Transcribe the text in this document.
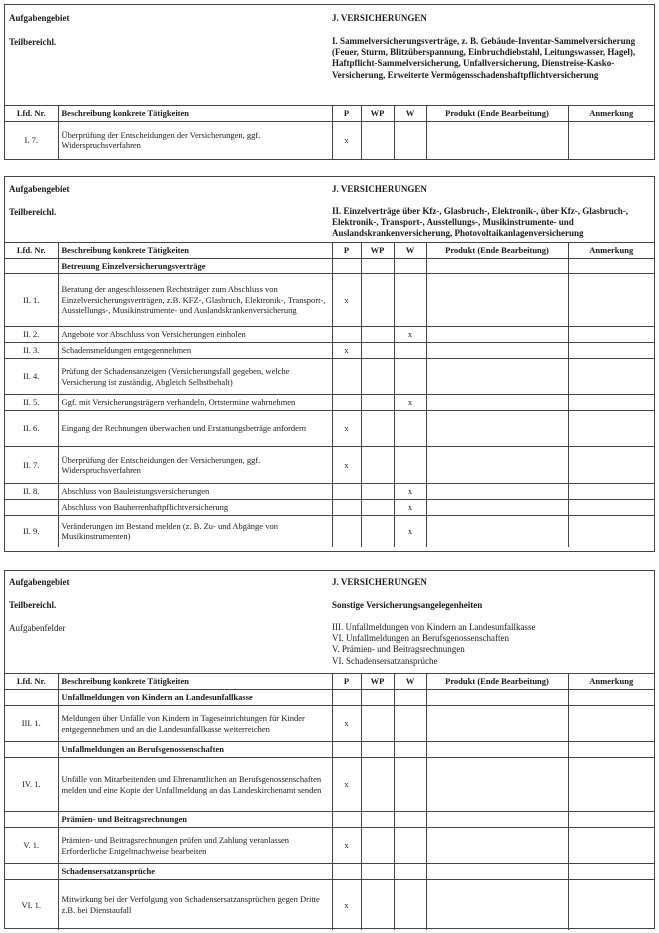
Aufgabengebiet	J. VERSICHERUNGEN
Teilbereichl.	I. Sammelversicherungsverträge, z. B. Gebäude-Inventar-Sammelversicherung (Feuer, Sturm, Blitzüberspannung, Einbruchdiebstahl, Leitungswasser, Hagel), Haftpflicht-Sammelversicherung, Unfallversicherung, Dienstreise-Kasko-Versicherung, Erweiterte Vermögensschadenshaftpflichtversicherung
Lfd. Nr.	Beschreibung konkrete Tätigkeiten	P	WP	W	Produkt (Ende Bearbeitung)	Anmerkung
I. 7.	Überprüfung der Entscheidungen der Versicherungen, ggf. Widerspruchsverfahren	x				
Aufgabengebiet	J. VERSICHERUNGEN
Teilbereichl.	II. Einzelverträge über Kfz-, Glasbruch-, Elektronik-, über Kfz-, Glasbruch-, Elektronik-, Transport-, Ausstellungs-, Musikinstrumente- und Auslandskrankenversicherung, Photovoltaikanlagenversicherung
Lfd. Nr.	Beschreibung konkrete Tätigkeiten	P	WP	W	Produkt (Ende Bearbeitung)	Anmerkung
	Betreuung Einzelversicherungsverträge					
II. 1.	Beratung der angeschlossenen Rechtsträger zum Abschluss von Einzelversicherungsverträgen, z.B. KFZ-, Glasbruch, Elektronik-, Transport-, Ausstellungs-, Musikinstrumente- und Auslandskrankenversicherung	x				
II. 2.	Angebote vor Abschluss von Versicherungen einholen			x		
II. 3.	Schadensmeldungen entgegennehmen	x				
II. 4.	Prüfung der Schadensanzeigen (Versicherungsfall gegeben, welche Versicherung ist zuständig, Abgleich Selbstbehalt)					
II. 5.	Ggf. mit Versicherungsträgern verhandeln, Ortstermine wahrnehmen			x		
II. 6.	Eingang der Rechnungen überwachen und Erstattungsbeträge anfordern	x				
II. 7.	Überprüfung der Entscheidungen der Versicherungen, ggf. Widerspruchsverfahren	x				
II. 8.	Abschluss von Bauleistungsversicherungen			x		
	Abschluss von Bauherrenhaftpflichtversicherung			x		
II. 9.	Veränderungen im Bestand melden (z. B. Zu- und Abgänge von Musikinstrumenten)			x		
Aufgabengebiet	J. VERSICHERUNGEN
Teilbereichl.	Sonstige Versicherungsangelegenheiten
Aufgabenfelder	III. Unfallmeldungen von Kindern an Landesunfallkasse
VI. Unfallmeldungen an Berufsgenossenschaften
V. Prämien- und Beitragsrechnungen
VI. Schadensersatzansprüche
Lfd. Nr.	Beschreibung konkrete Tätigkeiten	P	WP	W	Produkt (Ende Bearbeitung)	Anmerkung
	Unfallmeldungen von Kindern an Landesunfallkasse					
III. 1.	Meldungen über Unfälle von Kindern in Tageseinrichtungen für Kinder entgegennehmen und an die Landesunfallkasse weiterreichen	x				
	Unfallmeldungen an Berufsgenossenschaften					
IV. 1.	Unfälle von Mitarbeitenden und Ehrenamtlichen an Berufsgenossenschaften melden und eine Kopie der Unfallmeldung an das Landeskirchenamt senden	x				
	Prämien- und Beitragsrechnungen					
V. 1.	Prämien- und Beitragsrechnungen prüfen und Zahlung veranlassen Erforderliche Entgeltnachweise bearbeiten	x				
	Schadensersatzansprüche					
VI. 1.	Mitwirkung bei der Verfolgung von Schadensersatzansprüchen gegen Dritte z.B. bei Dienstaufall	x				
